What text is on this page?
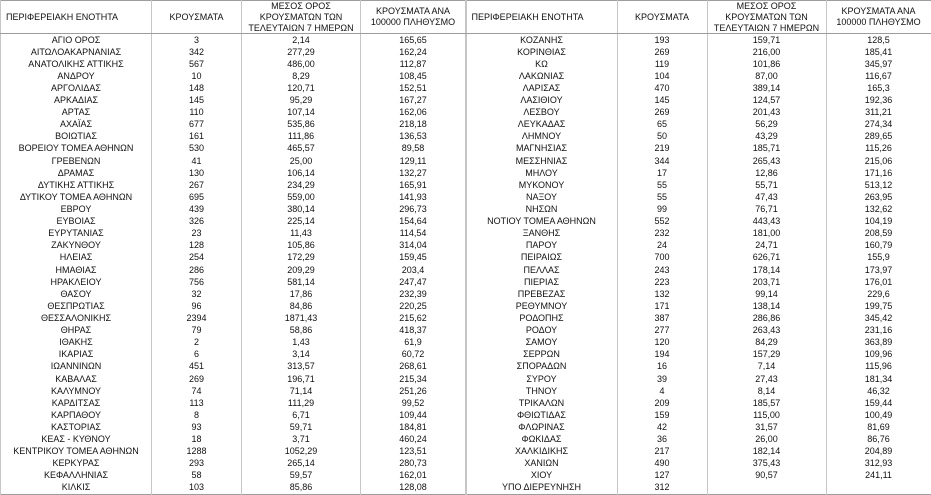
ΠΕΡΙΦΕΡΕΙΑΚΗ ΕΝΟΤΗΤΑ	ΚΡΟΥΣΜΑΤΑ	ΜΕΣΟΣ ΟΡΟΣ ΚΡΟΥΣΜΑΤΩΝ ΤΩΝ ΤΕΛΕΥΤΑΙΩΝ 7 ΗΜΕΡΩΝ	ΚΡΟΥΣΜΑΤΑ ΑΝΑ 100000 ΠΛΗΘΥΣΜΟ
ΑΓΙΟ ΟΡΟΣ	3	2,14	165,65
ΑΙΤΩΛΟΑΚΑΡΝΑΝΙΑΣ	342	277,29	162,24
ΑΝΑΤΟΛΙΚΗΣ ΑΤΤΙΚΗΣ	567	486,00	112,87
ΑΝΔΡΟΥ	10	8,29	108,45
ΑΡΓΟΛΙΔΑΣ	148	120,71	152,51
ΑΡΚΑΔΙΑΣ	145	95,29	167,27
ΑΡΤΑΣ	110	107,14	162,06
ΑΧΑΪΑΣ	677	535,86	218,18
ΒΟΙΩΤΙΑΣ	161	111,86	136,53
ΒΟΡΕΙΟΥ ΤΟΜΕΑ ΑΘΗΝΩΝ	530	465,57	89,58
ΓΡΕΒΕΝΩΝ	41	25,00	129,11
ΔΡΑΜΑΣ	130	106,14	132,27
ΔΥΤΙΚΗΣ ΑΤΤΙΚΗΣ	267	234,29	165,91
ΔΥΤΙΚΟΥ ΤΟΜΕΑ ΑΘΗΝΩΝ	695	559,00	141,93
ΕΒΡΟΥ	439	380,14	296,73
ΕΥΒΟΙΑΣ	326	225,14	154,64
ΕΥΡΥΤΑΝΙΑΣ	23	11,43	114,54
ΖΑΚΥΝΘΟΥ	128	105,86	314,04
ΗΛΕΙΑΣ	254	172,29	159,45
ΗΜΑΘΙΑΣ	286	209,29	203,4
ΗΡΑΚΛΕΙΟΥ	756	581,14	247,47
ΘΑΣΟΥ	32	17,86	232,39
ΘΕΣΠΡΩΤΙΑΣ	96	84,86	220,25
ΘΕΣΣΑΛΟΝΙΚΗΣ	2394	1871,43	215,62
ΘΗΡΑΣ	79	58,86	418,37
ΙΘΑΚΗΣ	2	1,43	61,9
ΙΚΑΡΙΑΣ	6	3,14	60,72
ΙΩΑΝΝΙΝΩΝ	451	313,57	268,61
ΚΑΒΑΛΑΣ	269	196,71	215,34
ΚΑΛΥΜΝΟΥ	74	71,14	251,26
ΚΑΡΔΙΤΣΑΣ	113	111,29	99,52
ΚΑΡΠΑΘΟΥ	8	6,71	109,44
ΚΑΣΤΟΡΙΑΣ	93	59,71	184,81
ΚΕΑΣ - ΚΥΘΝΟΥ	18	3,71	460,24
ΚΕΝΤΡΙΚΟΥ ΤΟΜΕΑ ΑΘΗΝΩΝ	1288	1052,29	123,51
ΚΕΡΚΥΡΑΣ	293	265,14	280,73
ΚΕΦΑΛΛΗΝΙΑΣ	58	59,57	162,01
ΚΙΛΚΙΣ	103	85,86	128,08
ΠΕΡΙΦΕΡΕΙΑΚΗ ΕΝΟΤΗΤΑ	ΚΡΟΥΣΜΑΤΑ	ΜΕΣΟΣ ΟΡΟΣ ΚΡΟΥΣΜΑΤΩΝ ΤΩΝ ΤΕΛΕΥΤΑΙΩΝ 7 ΗΜΕΡΩΝ	ΚΡΟΥΣΜΑΤΑ ΑΝΑ 100000 ΠΛΗΘΥΣΜΟ
ΚΟΖΑΝΗΣ	193	159,71	128,5
ΚΟΡΙΝΘΙΑΣ	269	216,00	185,41
ΚΩ	119	101,86	345,97
ΛΑΚΩΝΙΑΣ	104	87,00	116,67
ΛΑΡΙΣΑΣ	470	389,14	165,3
ΛΑΣΙΘΙΟΥ	145	124,57	192,36
ΛΕΣΒΟΥ	269	201,43	311,21
ΛΕΥΚΑΔΑΣ	65	56,29	274,34
ΛΗΜΝΟΥ	50	43,29	289,65
ΜΑΓΝΗΣΙΑΣ	219	185,71	115,26
ΜΕΣΣΗΝΙΑΣ	344	265,43	215,06
ΜΗΛΟΥ	17	12,86	171,16
ΜΥΚΟΝΟΥ	55	55,71	513,12
ΝΑΞΟΥ	55	47,43	263,95
ΝΗΣΩΝ	99	76,71	132,62
ΝΟΤΙΟΥ ΤΟΜΕΑ ΑΘΗΝΩΝ	552	443,43	104,19
ΞΑΝΘΗΣ	232	181,00	208,59
ΠΑΡΟΥ	24	24,71	160,79
ΠΕΙΡΑΙΩΣ	700	626,71	155,9
ΠΕΛΛΑΣ	243	178,14	173,97
ΠΙΕΡΙΑΣ	223	203,71	176,01
ΠΡΕΒΕΖΑΣ	132	99,14	229,6
ΡΕΘΥΜΝΟΥ	171	138,14	199,75
ΡΟΔΟΠΗΣ	387	286,86	345,42
ΡΟΔΟΥ	277	263,43	231,16
ΣΑΜΟΥ	120	84,29	363,89
ΣΕΡΡΩΝ	194	157,29	109,96
ΣΠΟΡΑΔΩΝ	16	7,14	115,96
ΣΥΡΟΥ	39	27,43	181,34
ΤΗΝΟΥ	4	8,14	46,32
ΤΡΙΚΑΛΩΝ	209	185,57	159,44
ΦΘΙΩΤΙΔΑΣ	159	115,00	100,49
ΦΛΩΡΙΝΑΣ	42	31,57	81,69
ΦΩΚΙΔΑΣ	36	26,00	86,76
ΧΑΛΚΙΔΙΚΗΣ	217	182,14	204,89
ΧΑΝΙΩΝ	490	375,43	312,93
ΧΙΟΥ	127	90,57	241,11
ΥΠΟ ΔΙΕΡΕΥΝΗΣΗ	312		
